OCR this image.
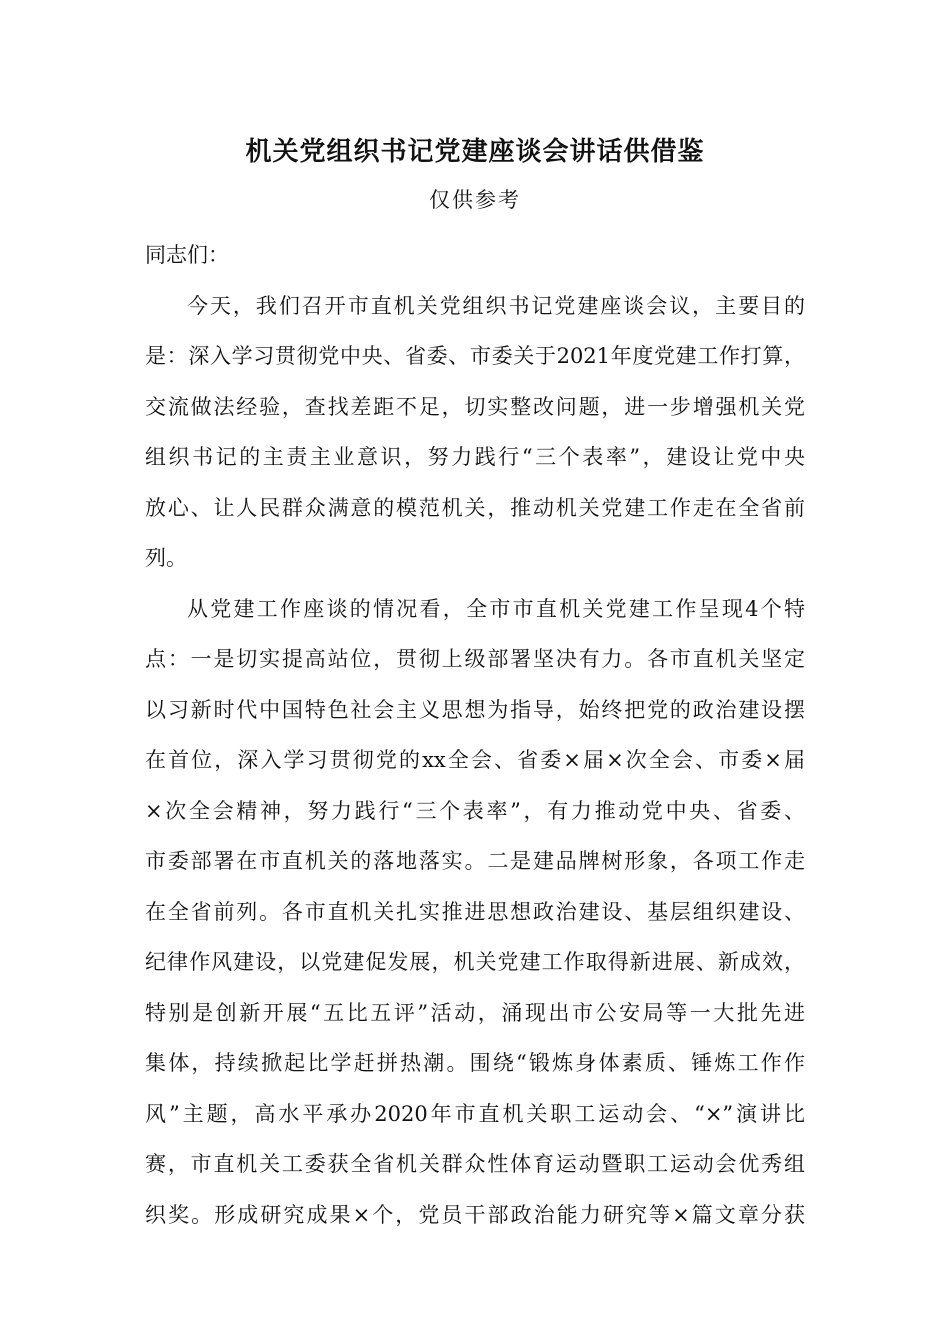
机关党组织书记党建座谈会讲话供借鉴
仅供参考
同志们：
今天，我们召开市直机关党组织书记党建座谈会议，主要目的
是：深入学习贯彻党中央、省委、市委关于2021年度党建工作打算，
交流做法经验，查找差距不足，切实整改问题，进一步增强机关党
组织书记的主责主业意识，努力践行“三个表率”，建设让党中央
放心、让人民群众满意的模范机关，推动机关党建工作走在全省前
列。
从党建工作座谈的情况看，全市市直机关党建工作呈现4个特
点：一是切实提高站位，贯彻上级部署坚决有力。各市直机关坚定
以习新时代中国特色社会主义思想为指导，始终把党的政治建设摆
在首位，深入学习贯彻党的xx全会、省委×届×次全会、市委×届
×次全会精神，努力践行“三个表率”，有力推动党中央、省委、
市委部署在市直机关的落地落实。二是建品牌树形象，各项工作走
在全省前列。各市直机关扎实推进思想政治建设、基层组织建设、
纪律作风建设，以党建促发展，机关党建工作取得新进展、新成效，
特别是创新开展“五比五评”活动，涌现出市公安局等一大批先进
集体，持续掀起比学赶拼热潮。围绕“锻炼身体素质、锤炼工作作
风”主题，高水平承办2020年市直机关职工运动会、“×”演讲比
赛，市直机关工委获全省机关群众性体育运动暨职工运动会优秀组
织奖。形成研究成果×个，党员干部政治能力研究等×篇文章分获
